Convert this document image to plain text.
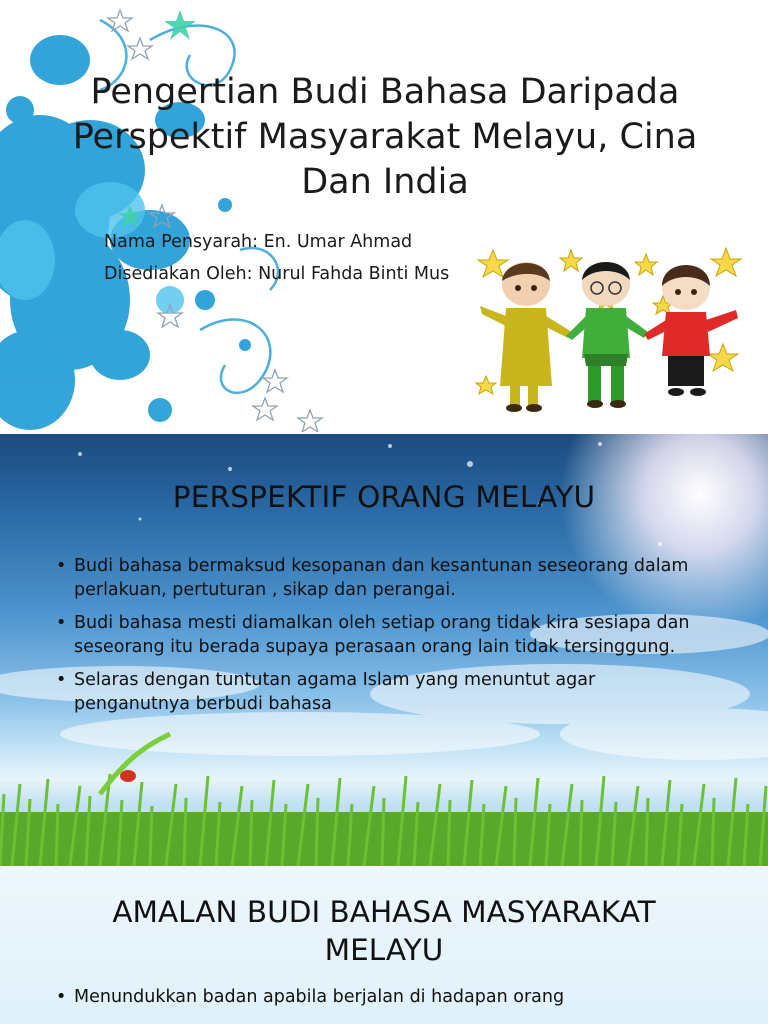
Pengertian Budi Bahasa Daripada
Perspektif Masyarakat Melayu, Cina
Dan India
Nama Pensyarah: En. Umar Ahmad
Disediakan Oleh: Nurul Fahda Binti Mus
PERSPEKTIF ORANG MELAYU
• Budi bahasa bermaksud kesopanan dan kesantunan seseorang dalam perlakuan, pertuturan , sikap dan perangai.
• Budi bahasa mesti diamalkan oleh setiap orang tidak kira sesiapa dan seseorang itu berada supaya perasaan orang lain tidak tersinggung.
• Selaras dengan tuntutan agama Islam yang menuntut agar penganutnya berbudi bahasa
AMALAN BUDI BAHASA MASYARAKAT
MELAYU
• Menundukkan badan apabila berjalan di hadapan orang
